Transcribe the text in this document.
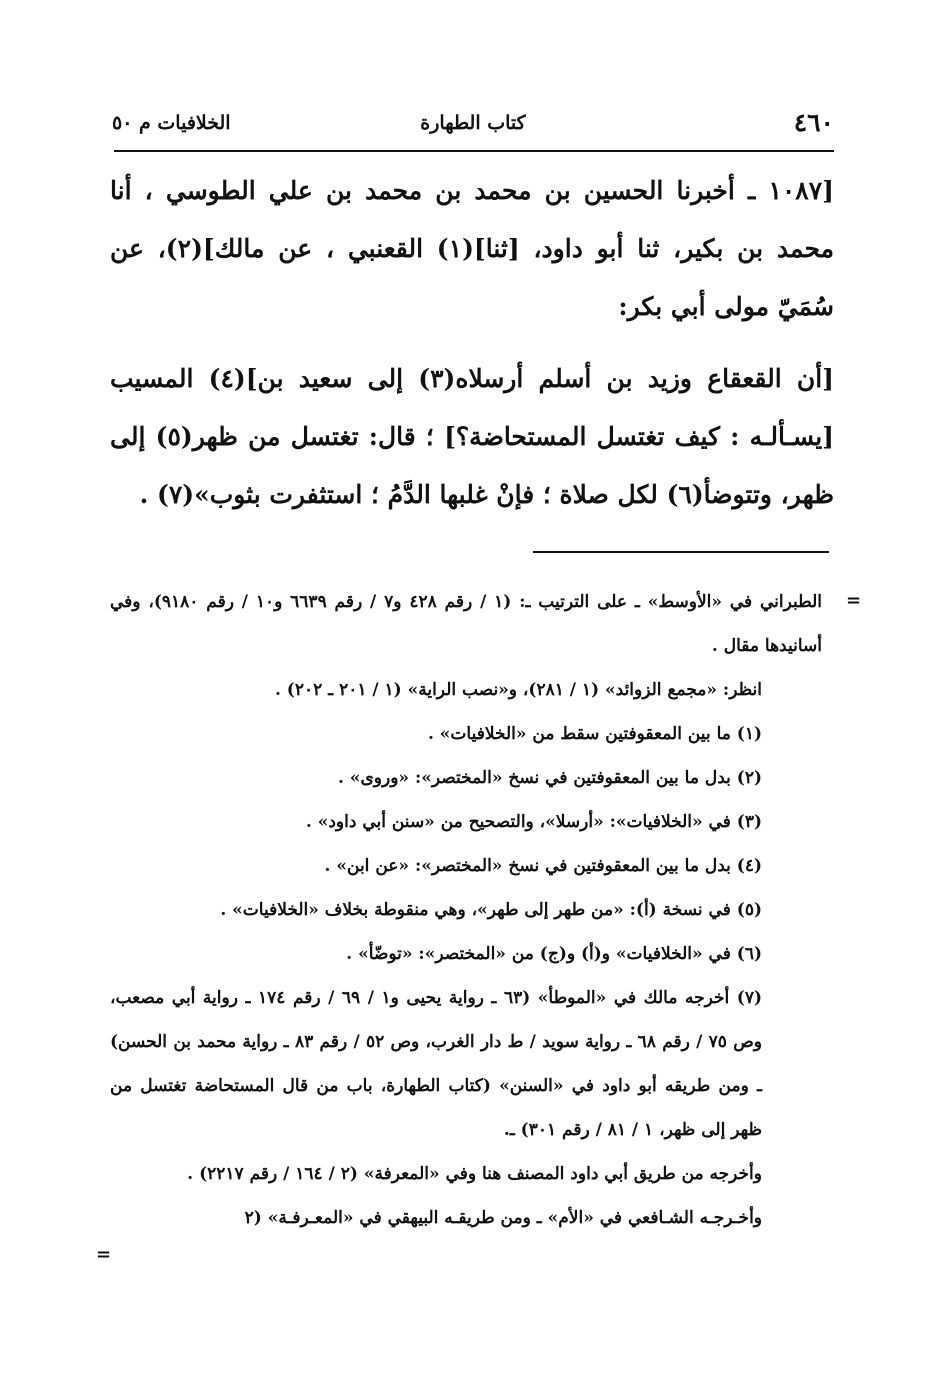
٤٦٠
كتاب الطهارة
الخلافيات م ٥٠

[١٠٨٧ ـ أخبرنا الحسين بن محمد بن محمد بن علي الطوسي ، أنا محمد بن بكير، ثنا أبو داود، [ثنا](١) القعنبي ، عن مالك](٢)، عن سُمَيّ مولى أبي بكر:

[أن القعقاع وزيد بن أسلم أرسلاه(٣) إلى سعيد بن](٤) المسيب [يسـألـه : كيف تغتسل المستحاضة؟] ؛ قال: تغتسل من ظهر(٥) إلى ظهر، وتتوضأ(٦) لكل صلاة ؛ فإنْ غلبها الدَّمُ ؛ استثفرت بثوب»(٧) .

=

الطبراني في «الأوسط» ـ على الترتيب ـ: (١ / رقم ٤٢٨ و٧ / رقم ٦٦٣٩ و١٠ / رقم ٩١٨٠)، وفي أسانيدها مقال .

انظر: «مجمع الزوائد» (١ / ٢٨١)، و«نصب الراية» (١ / ٢٠١ ـ ٢٠٢) .

(١) ما بين المعقوفتين سقط من «الخلافيات» .

(٢) بدل ما بين المعقوفتين في نسخ «المختصر»: «وروى» .

(٣) في «الخلافيات»: «أرسلا»، والتصحيح من «سنن أبي داود» .

(٤) بدل ما بين المعقوفتين في نسخ «المختصر»: «عن ابن» .

(٥) في نسخة (أ): «من طهر إلى طهر»، وهي منقوطة بخلاف «الخلافيات» .

(٦) في «الخلافيات» و(أ) و(ج) من «المختصر»: «توضّأ» .

(٧) أخرجه مالك في «الموطأ» (٦٣ ـ رواية يحيى و١ / ٦٩ / رقم ١٧٤ ـ رواية أبي مصعب، وص ٧٥ / رقم ٦٨ ـ رواية سويد / ط دار الغرب، وص ٥٢ / رقم ٨٣ ـ رواية محمد بن الحسن) ـ ومن طريقه أبو داود في «السنن» (كتاب الطهارة، باب من قال المستحاضة تغتسل من ظهر إلى ظهر، ١ / ٨١ / رقم ٣٠١) ـ.

وأخرجه من طريق أبي داود المصنف هنا وفي «المعرفة» (٢ / ١٦٤ / رقم ٢٢١٧) .

وأخـرجـه الشـافعي في «الأم» ـ ومن طريقـه البيهقي في «المعـرفـة» (٢

=
